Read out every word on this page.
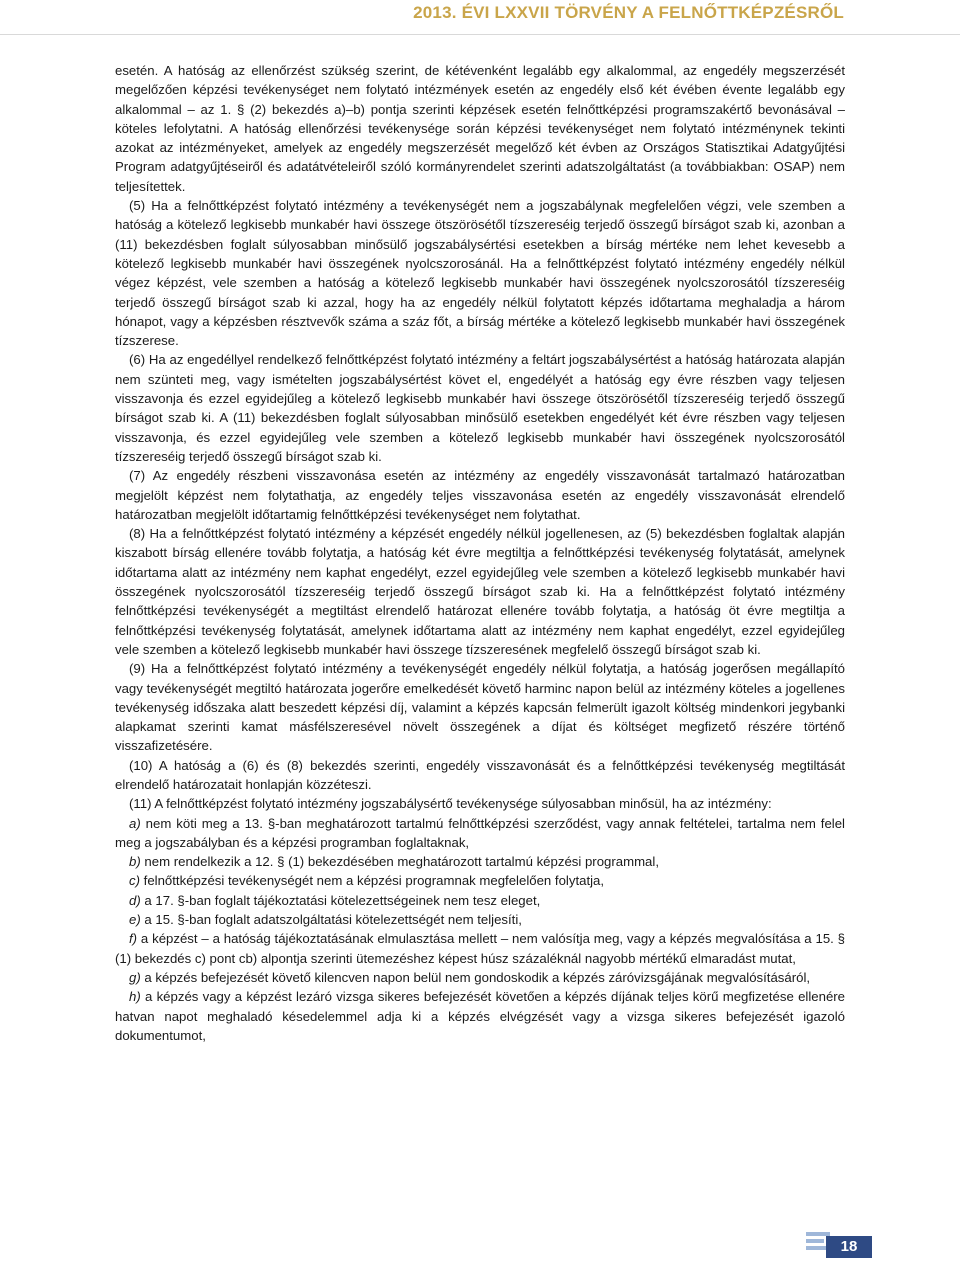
2013. ÉVI LXXVII TÖRVÉNY A FELNŐTTKÉPZÉSRŐL

esetén. A hatóság az ellenőrzést szükség szerint, de kétévenként legalább egy alkalommal, az engedély megszerzését megelőzően képzési tevékenységet nem folytató intézmények esetén az engedély első két évében évente legalább egy alkalommal – az 1. § (2) bekezdés a)–b) pontja szerinti képzések esetén felnőttképzési programszakértő bevonásával – köteles lefolytatni. A hatóság ellenőrzési tevékenysége során képzési tevékenységet nem folytató intézménynek tekinti azokat az intézményeket, amelyek az engedély megszerzését megelőző két évben az Országos Statisztikai Adatgyűjtési Program adatgyűjtéseiről és adatátvételeiről szóló kormányrendelet szerinti adatszolgáltatást (a továbbiakban: OSAP) nem teljesítettek.

(5) Ha a felnőttképzést folytató intézmény a tevékenységét nem a jogszabálynak megfelelően végzi, vele szemben a hatóság a kötelező legkisebb munkabér havi összege ötszörösétől tízszereséig terjedő összegű bírságot szab ki, azonban a (11) bekezdésben foglalt súlyosabban minősülő jogszabálysértési esetekben a bírság mértéke nem lehet kevesebb a kötelező legkisebb munkabér havi összegének nyolcszorosánál. Ha a felnőttképzést folytató intézmény engedély nélkül végez képzést, vele szemben a hatóság a kötelező legkisebb munkabér havi összegének nyolcszorosától tízszereséig terjedő összegű bírságot szab ki azzal, hogy ha az engedély nélkül folytatott képzés időtartama meghaladja a három hónapot, vagy a képzésben résztvevők száma a száz főt, a bírság mértéke a kötelező legkisebb munkabér havi összegének tízszerese.

(6) Ha az engedéllyel rendelkező felnőttképzést folytató intézmény a feltárt jogszabálysértést a hatóság határozata alapján nem szünteti meg, vagy ismételten jogszabálysértést követ el, engedélyét a hatóság egy évre részben vagy teljesen visszavonja és ezzel egyidejűleg a kötelező legkisebb munkabér havi összege ötszörösétől tízszereséig terjedő összegű bírságot szab ki. A (11) bekezdésben foglalt súlyosabban minősülő esetekben engedélyét két évre részben vagy teljesen visszavonja, és ezzel egyidejűleg vele szemben a kötelező legkisebb munkabér havi összegének nyolcszorosától tízszereséig terjedő összegű bírságot szab ki.

(7) Az engedély részbeni visszavonása esetén az intézmény az engedély visszavonását tartalmazó határozatban megjelölt képzést nem folytathatja, az engedély teljes visszavonása esetén az engedély visszavonását elrendelő határozatban megjelölt időtartamig felnőttképzési tevékenységet nem folytathat.

(8) Ha a felnőttképzést folytató intézmény a képzését engedély nélkül jogellenesen, az (5) bekezdésben foglaltak alapján kiszabott bírság ellenére tovább folytatja, a hatóság két évre megtiltja a felnőttképzési tevékenység folytatását, amelynek időtartama alatt az intézmény nem kaphat engedélyt, ezzel egyidejűleg vele szemben a kötelező legkisebb munkabér havi összegének nyolcszorosától tízszereséig terjedő összegű bírságot szab ki. Ha a felnőttképzést folytató intézmény felnőttképzési tevékenységét a megtiltást elrendelő határozat ellenére tovább folytatja, a hatóság öt évre megtiltja a felnőttképzési tevékenység folytatását, amelynek időtartama alatt az intézmény nem kaphat engedélyt, ezzel egyidejűleg vele szemben a kötelező legkisebb munkabér havi összege tízszeresének megfelelő összegű bírságot szab ki.

(9) Ha a felnőttképzést folytató intézmény a tevékenységét engedély nélkül folytatja, a hatóság jogerősen megállapító vagy tevékenységét megtiltó határozata jogerőre emelkedését követő harminc napon belül az intézmény köteles a jogellenes tevékenység időszaka alatt beszedett képzési díj, valamint a képzés kapcsán felmerült igazolt költség mindenkori jegybanki alapkamat szerinti kamat másfélszeresével növelt összegének a díjat és költséget megfizető részére történő visszafizetésére.

(10) A hatóság a (6) és (8) bekezdés szerinti, engedély visszavonását és a felnőttképzési tevékenység megtiltását elrendelő határozatait honlapján közzéteszi.

(11) A felnőttképzést folytató intézmény jogszabálysértő tevékenysége súlyosabban minősül, ha az intézmény:

a) nem köti meg a 13. §-ban meghatározott tartalmú felnőttképzési szerződést, vagy annak feltételei, tartalma nem felel meg a jogszabályban és a képzési programban foglaltaknak,

b) nem rendelkezik a 12. § (1) bekezdésében meghatározott tartalmú képzési programmal,

c) felnőttképzési tevékenységét nem a képzési programnak megfelelően folytatja,

d) a 17. §-ban foglalt tájékoztatási kötelezettségeinek nem tesz eleget,

e) a 15. §-ban foglalt adatszolgáltatási kötelezettségét nem teljesíti,

f) a képzést – a hatóság tájékoztatásának elmulasztása mellett – nem valósítja meg, vagy a képzés megvalósítása a 15. § (1) bekezdés c) pont cb) alpontja szerinti ütemezéshez képest húsz százaléknál nagyobb mértékű elmaradást mutat,

g) a képzés befejezését követő kilencven napon belül nem gondoskodik a képzés záróvizsgájának megvalósításáról,

h) a képzés vagy a képzést lezáró vizsga sikeres befejezését követően a képzés díjának teljes körű megfizetése ellenére hatvan napot meghaladó késedelemmel adja ki a képzés elvégzését vagy a vizsga sikeres befejezését igazoló dokumentumot,

18
